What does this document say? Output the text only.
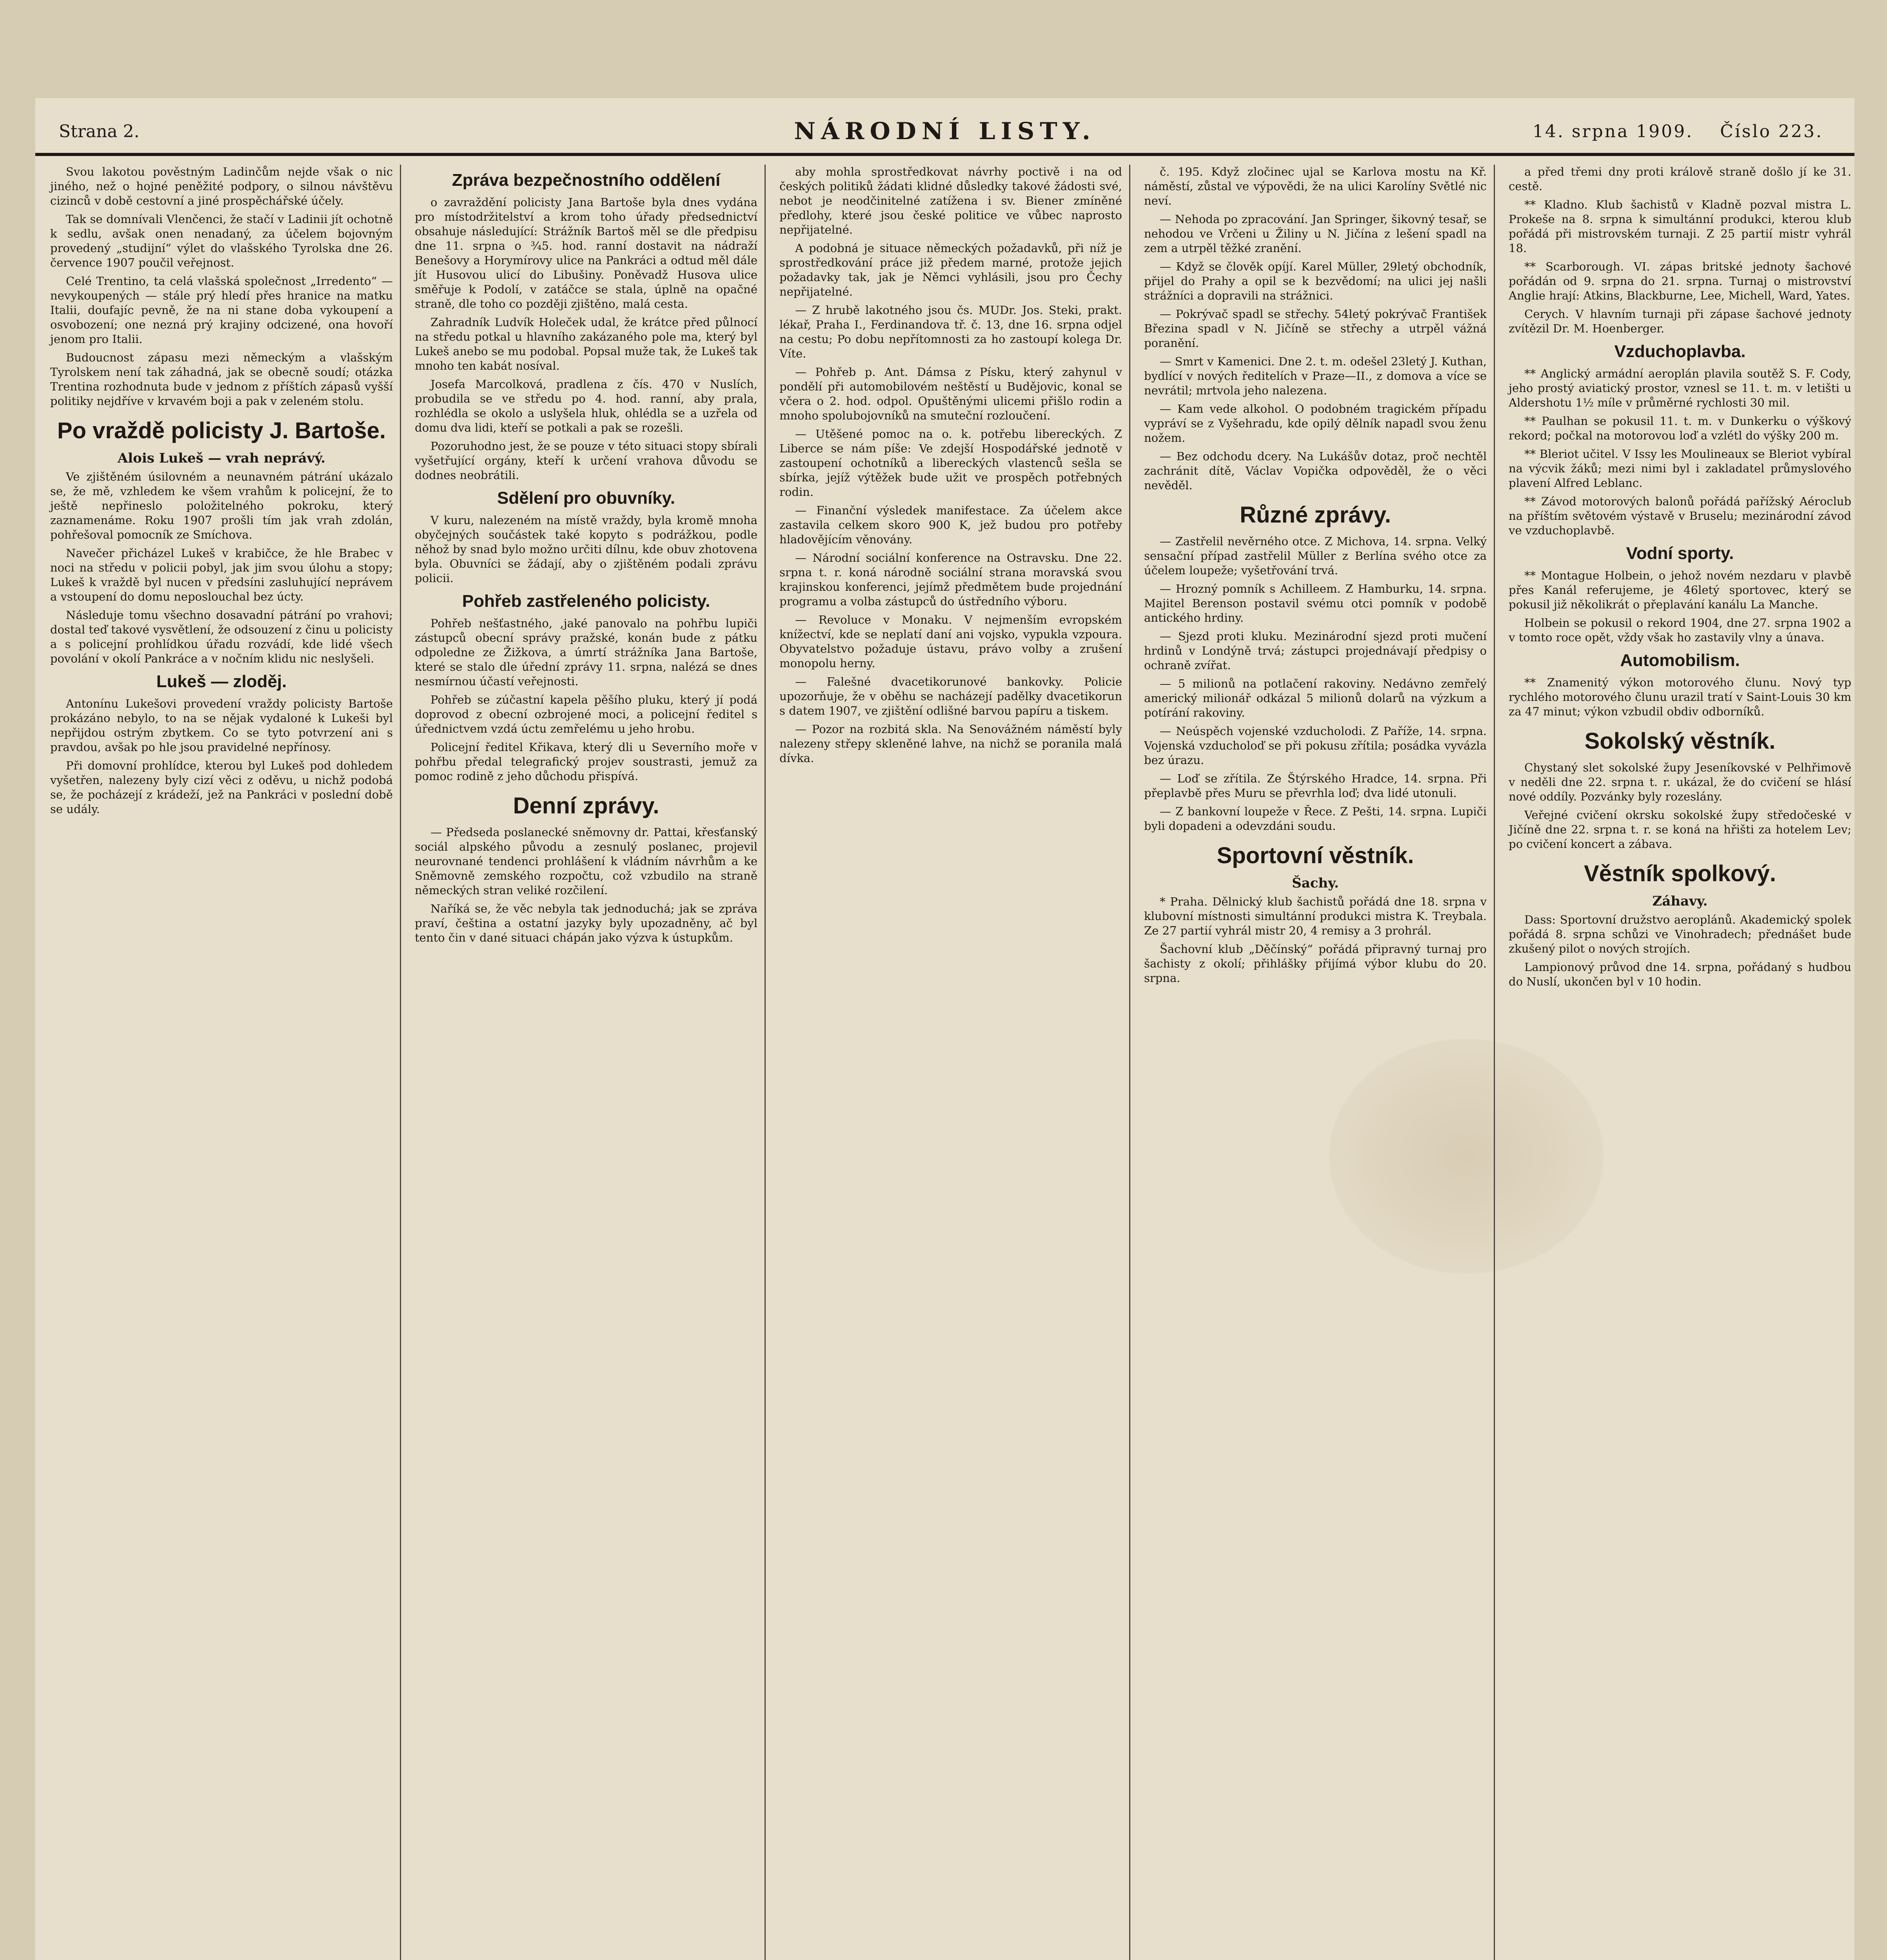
Strana 2.	NÁRODNÍ LISTY.	14. srpna 1909. Číslo 223.

Svou lakotou pověstným Ladinčům nejde však o nic jiného, než o hojné peněžité podpory, o silnou návštěvu cizinců v době cestovní a jiné prospěchářské účely.

Tak se domnívali Vlenčenci, že stačí v Ladinii jít ochotně k sedlu, avšak onen nenadaný, za účelem bojovným provedený „studijní“ výlet do vlašského Tyrolska dne 26. července 1907 poučil veřejnost.

Celé Trentino, ta celá vlašská společnost „Irredento“ — nevykoupených — stále prý hledí přes hranice na matku Italii, doufajíc pevně, že na ni stane doba vykoupení a osvobození; one nezná prý krajiny odcizené, ona hovoří jenom pro Italii.

Budoucnost zápasu mezi německým a vlašským Tyrolskem není tak záhadná, jak se obecně soudí; otázka Trentina rozhodnuta bude v jednom z příštích zápasů vyšší politiky nejdříve v krvavém boji a pak v zeleném stolu.

Po vraždě policisty J. Bartoše.
Alois Lukeš — vrah neprávý.

Ve zjištěném úsilovném a neunavném pátrání ukázalo se, že mě, vzhledem ke všem vrahům k policejní, že to ještě nepřineslo položitelného pokroku, který zaznamenáme. Roku 1907 prošli tím jak vrah zdolán, pohřešoval pomocník ze Smíchova.

Navečer přicházel Lukeš v krabičce, že hle Brabec v noci na středu v policii pobyl, jak jim svou úlohu a stopy; Lukeš k vraždě byl nucen v předsíni zasluhující neprávem a vstoupení do domu neposlouchal bez úcty.

Následuje tomu všechno dosavadní pátrání po vrahovi; dostal teď takové vysvětlení, že odsouzení z činu u policisty a s policejní prohlídkou úřadu rozvádí, kde lidé všech povolání v okolí Pankráce a v nočním klidu nic neslyšeli.

Lukeš — zloděj.

Antonínu Lukešovi provedení vraždy policisty Bartoše prokázáno nebylo, to na se nějak vydaloné k Lukeši byl nepřijdou ostrým zbytkem. Co se tyto potvrzení ani s pravdou, avšak po hle jsou pravidelné nepřínosy.

Při domovní prohlídce, kterou byl Lukeš pod dohledem vyšetřen, nalezeny byly cizí věci z oděvu, u nichž podobá se, že pocházejí z krádeží, jež na Pankráci v poslední době se udály.

Zpráva bezpečnostního oddělení

o zavraždění policisty Jana Bartoše byla dnes vydána pro místodržitelství a krom toho úřady předsednictví obsahuje následující: Strážník Bartoš měl se dle předpisu dne 11. srpna o ¾5. hod. ranní dostavit na nádraží Benešovy a Horymírovy ulice na Pankráci a odtud měl dále jít Husovou ulicí do Libušiny. Poněvadž Husova ulice směřuje k Podolí, v zatáčce se stala, úplně na opačné straně, dle toho co později zjištěno, malá cesta.

Zahradník Ludvík Holeček udal, že krátce před půlnocí na středu potkal u hlavního zakázaného pole ma, který byl Lukeš anebo se mu podobal. Popsal muže tak, že Lukeš tak mnoho ten kabát nosíval.

Josefa Marcolková, pradlena z čís. 470 v Nuslích, probudila se ve středu po 4. hod. ranní, aby prala, rozhlédla se okolo a uslyšela hluk, ohlédla se a uzřela od domu dva lidi, kteří se potkali a pak se rozešli.

Pozoruhodno jest, že se pouze v této situaci stopy sbírali vyšetřující orgány, kteří k určení vrahova důvodu se dodnes neobrátili.

Sdělení pro obuvníky.

V kuru, nalezeném na místě vraždy, byla kromě mnoha obyčejných součástek také kopyto s podrážkou, podle něhož by snad bylo možno určiti dílnu, kde obuv zhotovena byla. Obuvníci se žádají, aby o zjištěném podali zprávu policii.

Pohřeb zastřeleného policisty.

Pohřeb nešťastného, ,jaké panovalo na pohřbu lupiči zástupců obecní správy pražské, konán bude z pátku odpoledne ze Žižkova, a úmrtí strážníka Jana Bartoše, které se stalo dle úřední zprávy 11. srpna, nalézá se dnes nesmírnou účastí veřejnosti.

Pohřeb se zúčastní kapela pěšího pluku, který jí podá doprovod z obecní ozbrojené moci, a policejní ředitel s úřednictvem vzdá úctu zemřelému u jeho hrobu.

Policejní ředitel Křikava, který dli u Severního moře v pohřbu předal telegrafický projev soustrasti, jemuž za pomoc rodině z jeho důchodu přispívá.

Denní zprávy.

— Předseda poslanecké sněmovny dr. Pattai, křesťanský sociál alpského původu a zesnulý poslanec, projevil neurovnané tendenci prohlášení k vládním návrhům a ke Sněmovně zemského rozpočtu, což vzbudilo na straně německých stran veliké rozčilení.

Naříká se, že věc nebyla tak jednoduchá; jak se zpráva praví, čeština a ostatní jazyky byly upozadněny, ač byl tento čin v dané situaci chápán jako výzva k ústupkům.

aby mohla sprostředkovat návrhy poctivě i na od českých politiků žádati klidné důsledky takové žádosti své, nebot je neodčinitelné zatížena i sv. Biener zmíněné předlohy, které jsou české politice ve vůbec naprosto nepřijatelné.

A podobná je situace německých požadavků, při níž je sprostředkování práce již předem marné, protože jejich požadavky tak, jak je Němci vyhlásili, jsou pro Čechy nepřijatelné.

— Z hrubě lakotného jsou čs. MUDr. Jos. Steki, prakt. lékař, Praha I., Ferdinandova tř. č. 13, dne 16. srpna odjel na cestu; Po dobu nepřítomnosti za ho zastoupí kolega Dr. Víte.

— Pohřeb p. Ant. Dámsa z Písku, který zahynul v pondělí při automobilovém neštěstí u Budějovic, konal se včera o 2. hod. odpol. Opuštěnými ulicemi přišlo rodin a mnoho spolubojovníků na smuteční rozloučení.

— Utěšené pomoc na o. k. potřebu libereckých. Z Liberce se nám píše: Ve zdejší Hospodářské jednotě v zastoupení ochotníků a libereckých vlastenců sešla se sbírka, jejíž výtěžek bude užit ve prospěch potřebných rodin.

— Finanční výsledek manifestace. Za účelem akce zastavila celkem skoro 900 K, jež budou pro potřeby hladovějícím věnovány.

— Národní sociální konference na Ostravsku. Dne 22. srpna t. r. koná národně sociální strana moravská svou krajinskou konferenci, jejímž předmětem bude projednání programu a volba zástupců do ústředního výboru.

— Revoluce v Monaku. V nejmenším evropském knížectví, kde se neplatí daní ani vojsko, vypukla vzpoura. Obyvatelstvo požaduje ústavu, právo volby a zrušení monopolu herny.

— Falešné dvacetikorunové bankovky. Policie upozorňuje, že v oběhu se nacházejí padělky dvacetikorun s datem 1907, ve zjištění odlišné barvou papíru a tiskem.

— Pozor na rozbitá skla. Na Senovážném náměstí byly nalezeny střepy skleněné lahve, na nichž se poranila malá dívka.

č. 195. Když zločinec ujal se Karlova mostu na Kř. náměstí, zůstal ve výpovědi, že na ulici Karolíny Světlé nic neví.

— Nehoda po zpracování. Jan Springer, šikovný tesař, se nehodou ve Vrčeni u Žiliny u N. Jičína z lešení spadl na zem a utrpěl těžké zranění.

— Když se člověk opíjí. Karel Müller, 29letý obchodník, přijel do Prahy a opil se k bezvědomí; na ulici jej našli strážníci a dopravili na strážnici.

— Pokrývač spadl se střechy. 54letý pokrývač František Březina spadl v N. Jičíně se střechy a utrpěl vážná poranění.

— Smrt v Kamenici. Dne 2. t. m. odešel 23letý J. Kuthan, bydlící v nových ředitelích v Praze—II., z domova a více se nevrátil; mrtvola jeho nalezena.

— Kam vede alkohol. O podobném tragickém případu vypráví se z Vyšehradu, kde opilý dělník napadl svou ženu nožem.

— Bez odchodu dcery. Na Lukášův dotaz, proč nechtěl zachránit dítě, Václav Vopička odpověděl, že o věci nevěděl.

Různé zprávy.

— Zastřelil nevěrného otce. Z Michova, 14. srpna. Velký sensační případ zastřelil Müller z Berlína svého otce za účelem loupeže; vyšetřování trvá.

— Hrozný pomník s Achilleem. Z Hamburku, 14. srpna. Majitel Berenson postavil svému otci pomník v podobě antického hrdiny.

— Sjezd proti kluku. Mezinárodní sjezd proti mučení hrdinů v Londýně trvá; zástupci projednávají předpisy o ochraně zvířat.

— 5 milionů na potlačení rakoviny. Nedávno zemřelý americký milionář odkázal 5 milionů dolarů na výzkum a potírání rakoviny.

— Neúspěch vojenské vzducholodi. Z Paříže, 14. srpna. Vojenská vzducholoď se při pokusu zřítila; posádka vyvázla bez úrazu.

— Loď se zřítila. Ze Štýrského Hradce, 14. srpna. Při přeplavbě přes Muru se převrhla loď; dva lidé utonuli.

— Z bankovní loupeže v Řece. Z Pešti, 14. srpna. Lupiči byli dopadeni a odevzdáni soudu.

Sportovní věstník.
Šachy.

* Praha. Dělnický klub šachistů pořádá dne 18. srpna v klubovní místnosti simultánní produkci mistra K. Treybala. Ze 27 partií vyhrál mistr 20, 4 remisy a 3 prohrál.

Šachovní klub „Děčínský“ pořádá připravný turnaj pro šachisty z okolí; přihlášky přijímá výbor klubu do 20. srpna.

a před třemi dny proti králově straně došlo jí ke 31. cestě.

** Kladno. Klub šachistů v Kladně pozval mistra L. Prokeše na 8. srpna k simultánní produkci, kterou klub pořádá při mistrovském turnaji. Z 25 partií mistr vyhrál 18.

** Scarborough. VI. zápas britské jednoty šachové pořádán od 9. srpna do 21. srpna. Turnaj o mistrovství Anglie hrají: Atkins, Blackburne, Lee, Michell, Ward, Yates.

Cerych. V hlavním turnaji při zápase šachové jednoty zvítězil Dr. M. Hoenberger.

Vzduchoplavba.

** Anglický armádní aeroplán plavila soutěž S. F. Cody, jeho prostý aviatický prostor, vznesl se 11. t. m. v letišti u Aldershotu 1½ míle v průměrné rychlosti 30 mil.

** Paulhan se pokusil 11. t. m. v Dunkerku o výškový rekord; počkal na motorovou loď a vzlétl do výšky 200 m.

** Bleriot učitel. V Issy les Moulineaux se Bleriot vybíral na výcvik žáků; mezi nimi byl i zakladatel průmyslového plavení Alfred Leblanc.

** Závod motorových balonů pořádá pařížský Aéroclub na příštím světovém výstavě v Bruselu; mezinárodní závod ve vzduchoplavbě.

Vodní sporty.

** Montague Holbein, o jehož novém nezdaru v plavbě přes Kanál referujeme, je 46letý sportovec, který se pokusil již několikrát o přeplavání kanálu La Manche.

Holbein se pokusil o rekord 1904, dne 27. srpna 1902 a v tomto roce opět, vždy však ho zastavily vlny a únava.

Automobilism.

** Znamenitý výkon motorového člunu. Nový typ rychlého motorového člunu urazil tratí v Saint-Louis 30 km za 47 minut; výkon vzbudil obdiv odborníků.

Sokolský věstník.

Chystaný slet sokolské župy Jeseníkovské v Pelhřimově v neděli dne 22. srpna t. r. ukázal, že do cvičení se hlásí nové oddíly. Pozvánky byly rozeslány.

Veřejné cvičení okrsku sokolské župy středočeské v Jičíně dne 22. srpna t. r. se koná na hřišti za hotelem Lev; po cvičení koncert a zábava.

Věstník spolkový.
Záhavy.

Dass: Sportovní družstvo aeroplánů. Akademický spolek pořádá 8. srpna schůzi ve Vinohradech; přednášet bude zkušený pilot o nových strojích.

Lampionový průvod dne 14. srpna, pořádaný s hudbou do Nuslí, ukončen byl v 10 hodin.
